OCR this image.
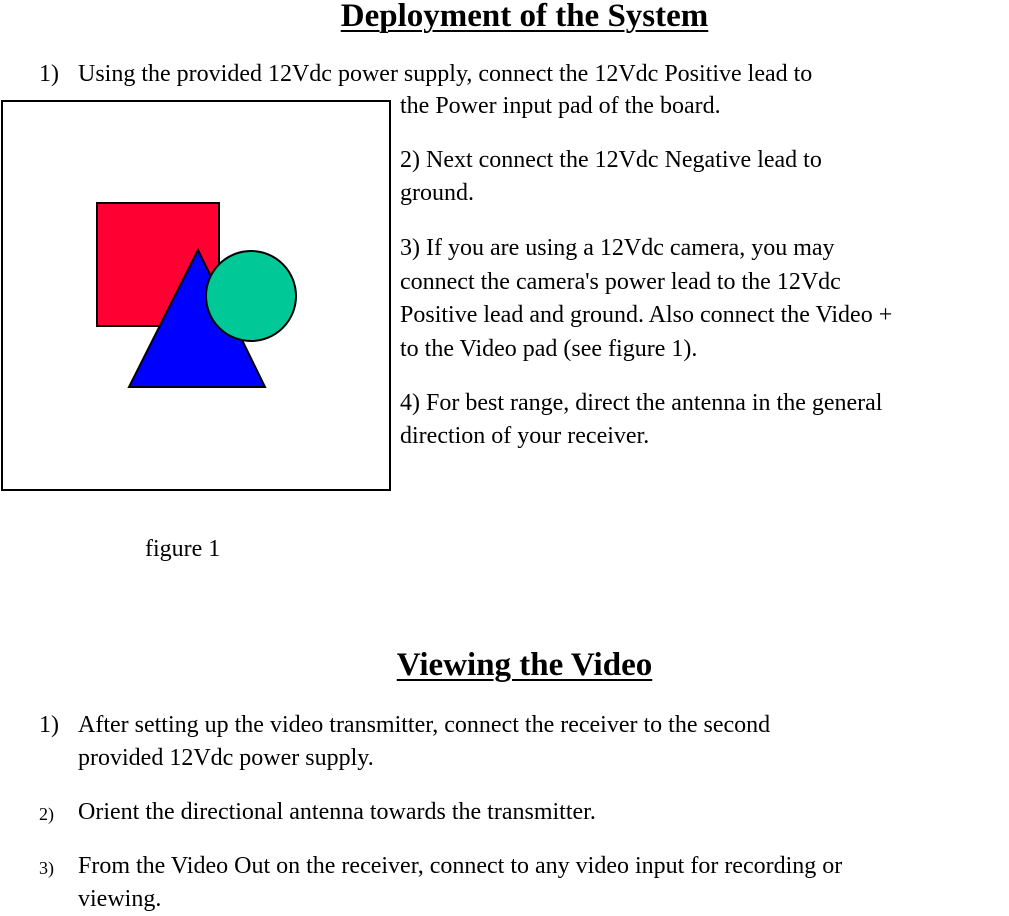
Deployment of the System

1) Using the provided 12Vdc power supply, connect the 12Vdc Positive lead to

the Power input pad of the board.

2) Next connect the 12Vdc Negative lead to

ground.

3) If you are using a 12Vdc camera, you may

connect the camera's power lead to the 12Vdc

Positive lead and ground. Also connect the Video +

to the Video pad (see figure 1).

4) For best range, direct the antenna in the general

direction of your receiver.

figure 1

Viewing the Video

1) After setting up the video transmitter, connect the receiver to the second

provided 12Vdc power supply.

2) Orient the directional antenna towards the transmitter.

3) From the Video Out on the receiver, connect to any video input for recording or

viewing.
